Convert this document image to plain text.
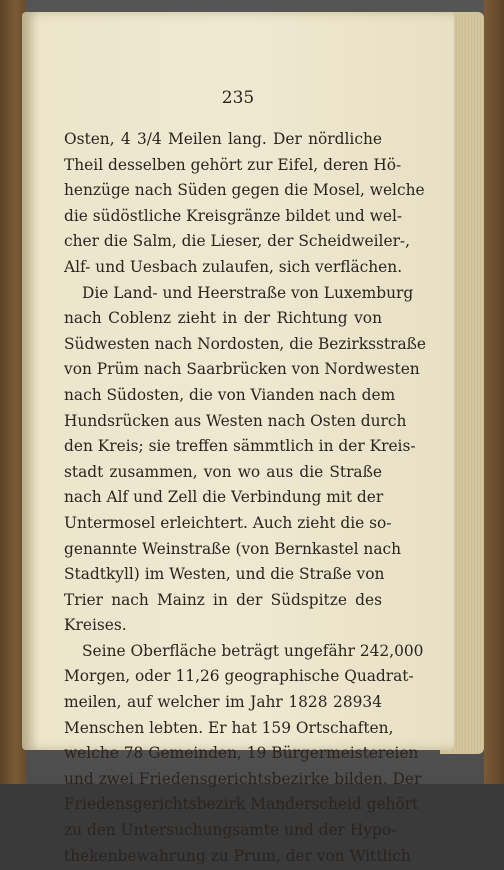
235
Osten, 4 3/4 Meilen lang. Der nördliche
Theil desselben gehört zur Eifel, deren Hö-
henzüge nach Süden gegen die Mosel, welche
die südöstliche Kreisgränze bildet und wel-
cher die Salm, die Lieser, der Scheidweiler-,
Alf- und Uesbach zulaufen, sich verflächen.
Die Land- und Heerstraße von Luxemburg
nach Coblenz zieht in der Richtung von
Südwesten nach Nordosten, die Bezirksstraße
von Prüm nach Saarbrücken von Nordwesten
nach Südosten, die von Vianden nach dem
Hundsrücken aus Westen nach Osten durch
den Kreis; sie treffen sämmtlich in der Kreis-
stadt zusammen, von wo aus die Straße
nach Alf und Zell die Verbindung mit der
Untermosel erleichtert. Auch zieht die so-
genannte Weinstraße (von Bernkastel nach
Stadtkyll) im Westen, und die Straße von
Trier nach Mainz in der Südspitze des
Kreises.
Seine Oberfläche beträgt ungefähr 242,000
Morgen, oder 11,26 geographische Quadrat-
meilen, auf welcher im Jahr 1828 28934
Menschen lebten. Er hat 159 Ortschaften,
welche 78 Gemeinden, 19 Bürgermeistereien
und zwei Friedensgerichtsbezirke bilden. Der
Friedensgerichtsbezirk Manderscheid gehört
zu den Untersuchungsamte und der Hypo-
thekenbewahrung zu Prum, der von Wittlich
